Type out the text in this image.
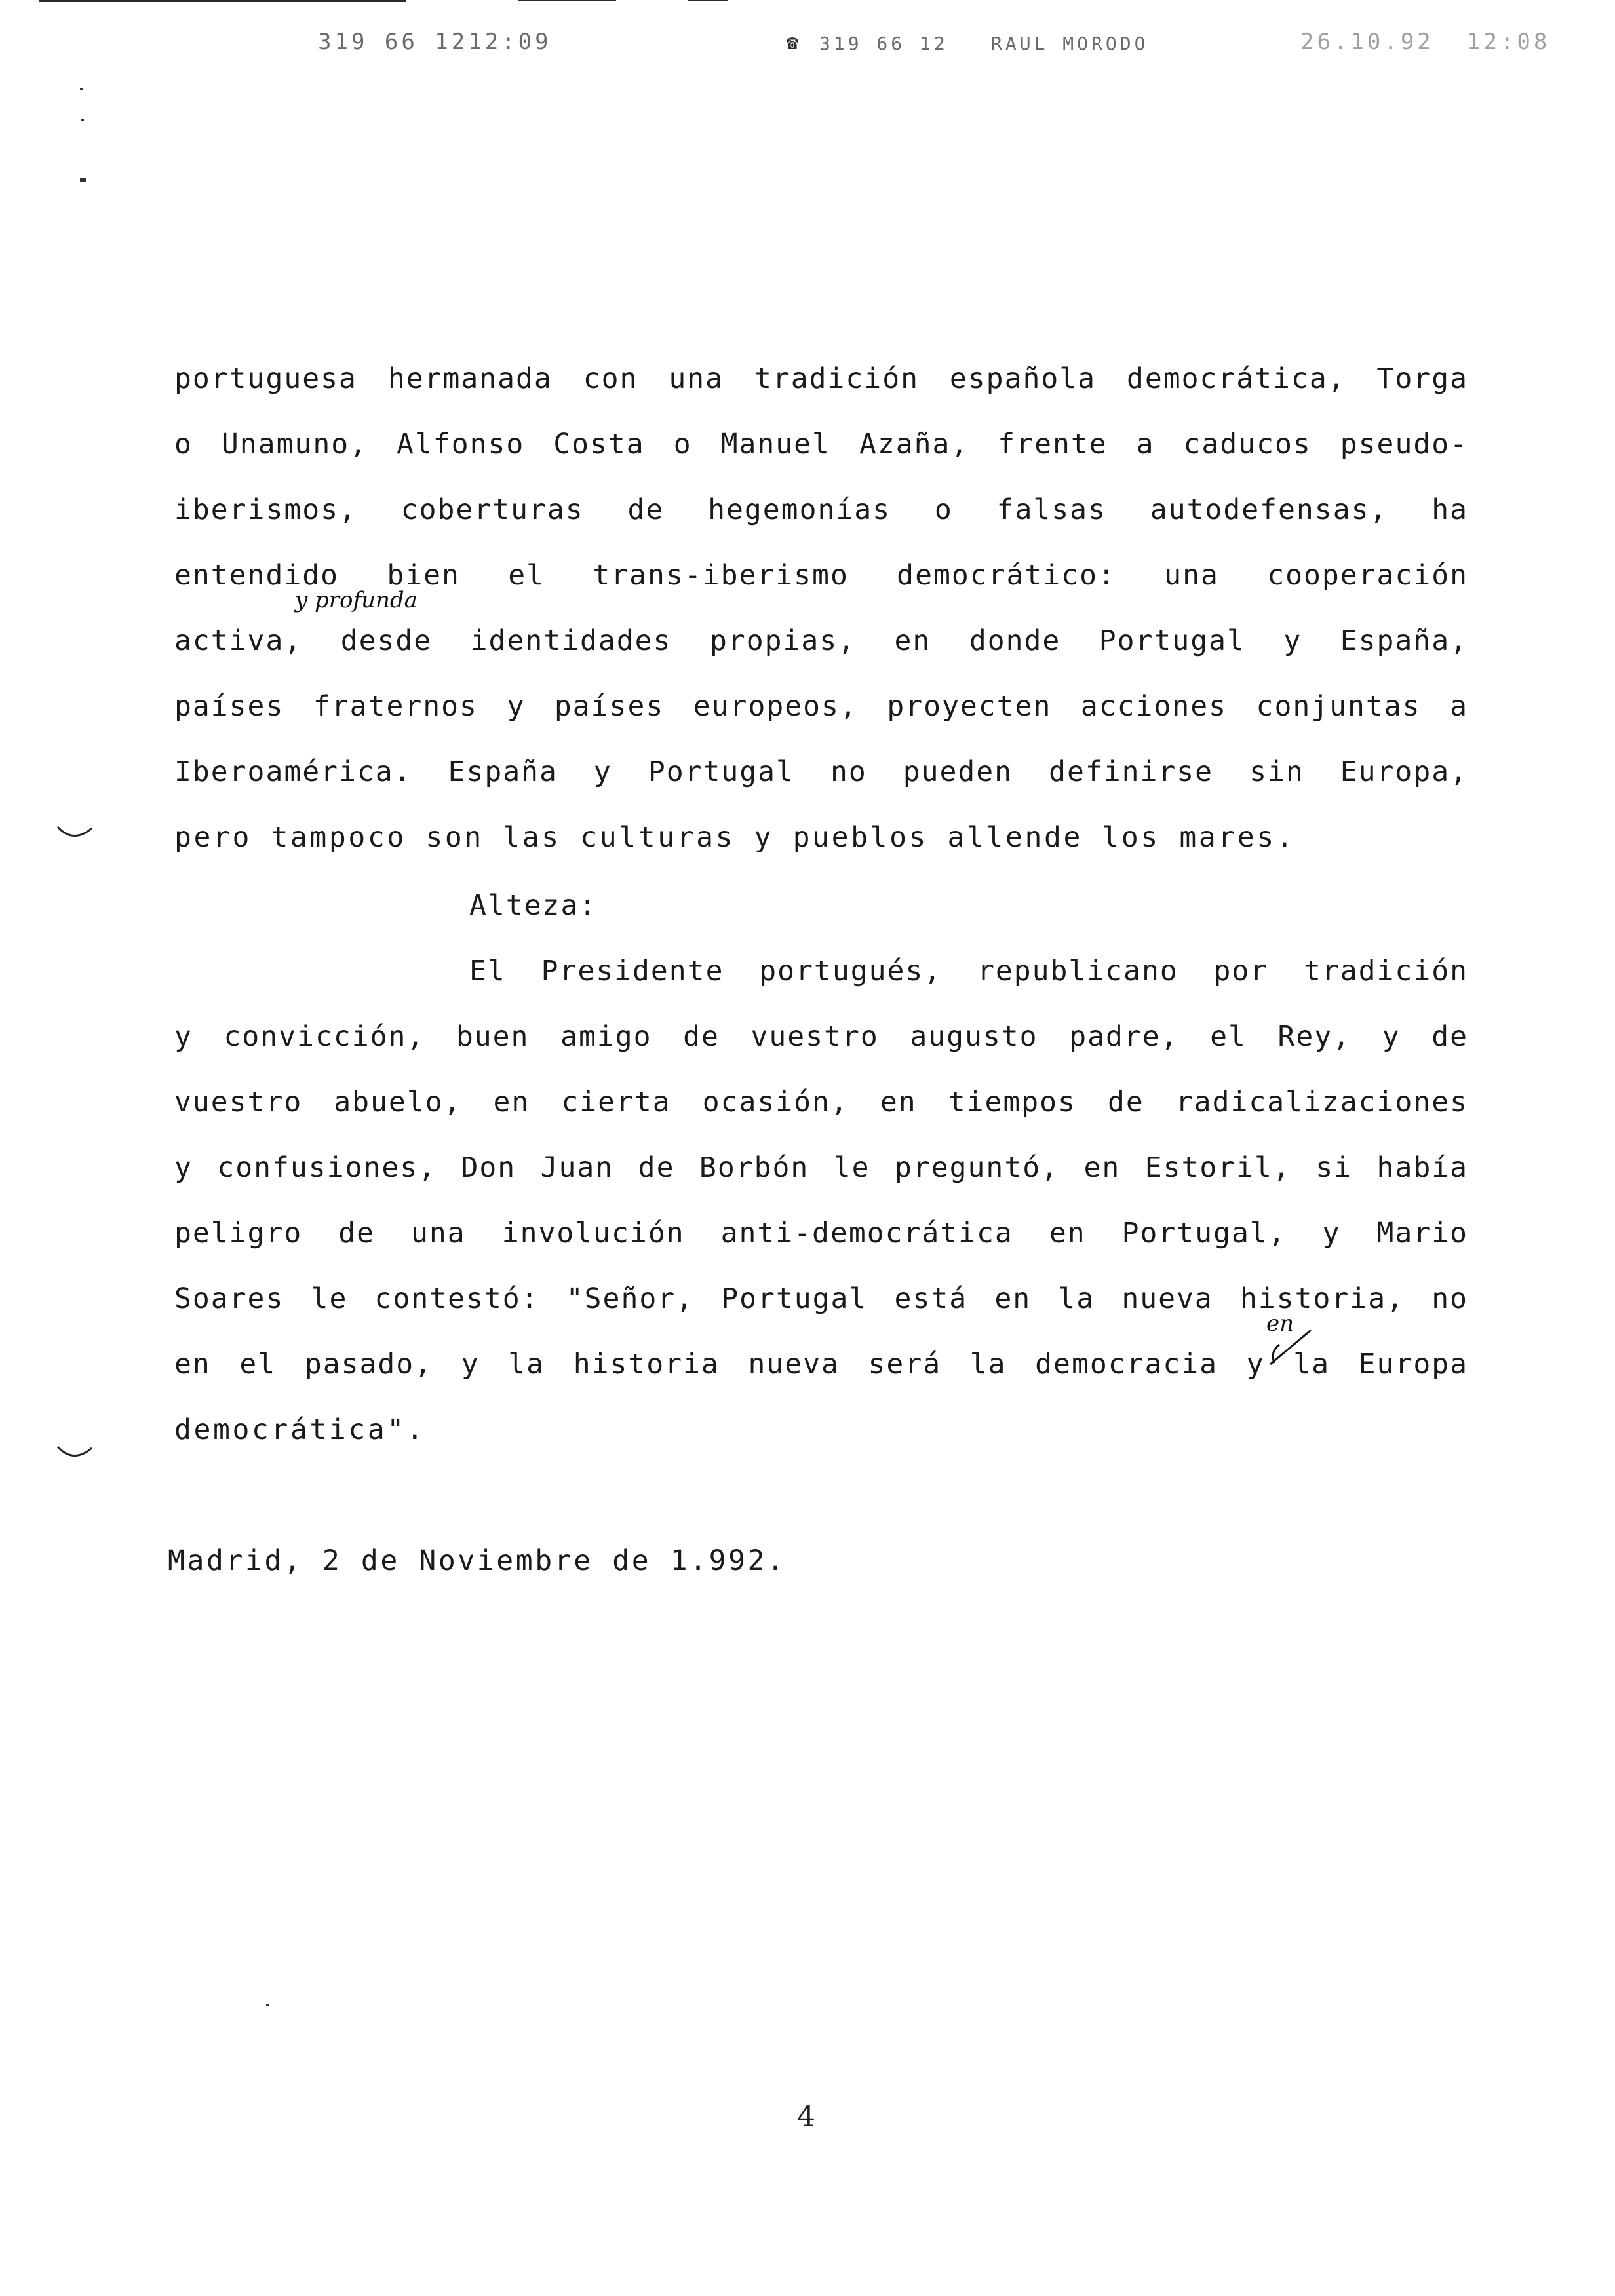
319 66 1212:09	☎ 319 66 12 RAUL MORODO	26.10.92 12:08
portuguesa hermanada con una tradición española democrática, Torga
o Unamuno, Alfonso Costa o Manuel Azaña, frente a caducos pseudo-
iberismos, coberturas de hegemonías o falsas autodefensas, ha
entendido bien el trans-iberismo democrático: una cooperación
y profunda
activa, desde identidades propias, en donde Portugal y España,
países fraternos y países europeos, proyecten acciones conjuntas a
Iberoamérica. España y Portugal no pueden definirse sin Europa,
pero tampoco son las culturas y pueblos allende los mares.
Alteza:
El Presidente portugués, republicano por tradición
y convicción, buen amigo de vuestro augusto padre, el Rey, y de
vuestro abuelo, en cierta ocasión, en tiempos de radicalizaciones
y confusiones, Don Juan de Borbón le preguntó, en Estoril, si había
peligro de una involución anti-democrática en Portugal, y Mario
Soares le contestó: "Señor, Portugal está en la nueva historia, no
en
en el pasado, y la historia nueva será la democracia y la Europa
democrática".
Madrid, 2 de Noviembre de 1.992.
4
